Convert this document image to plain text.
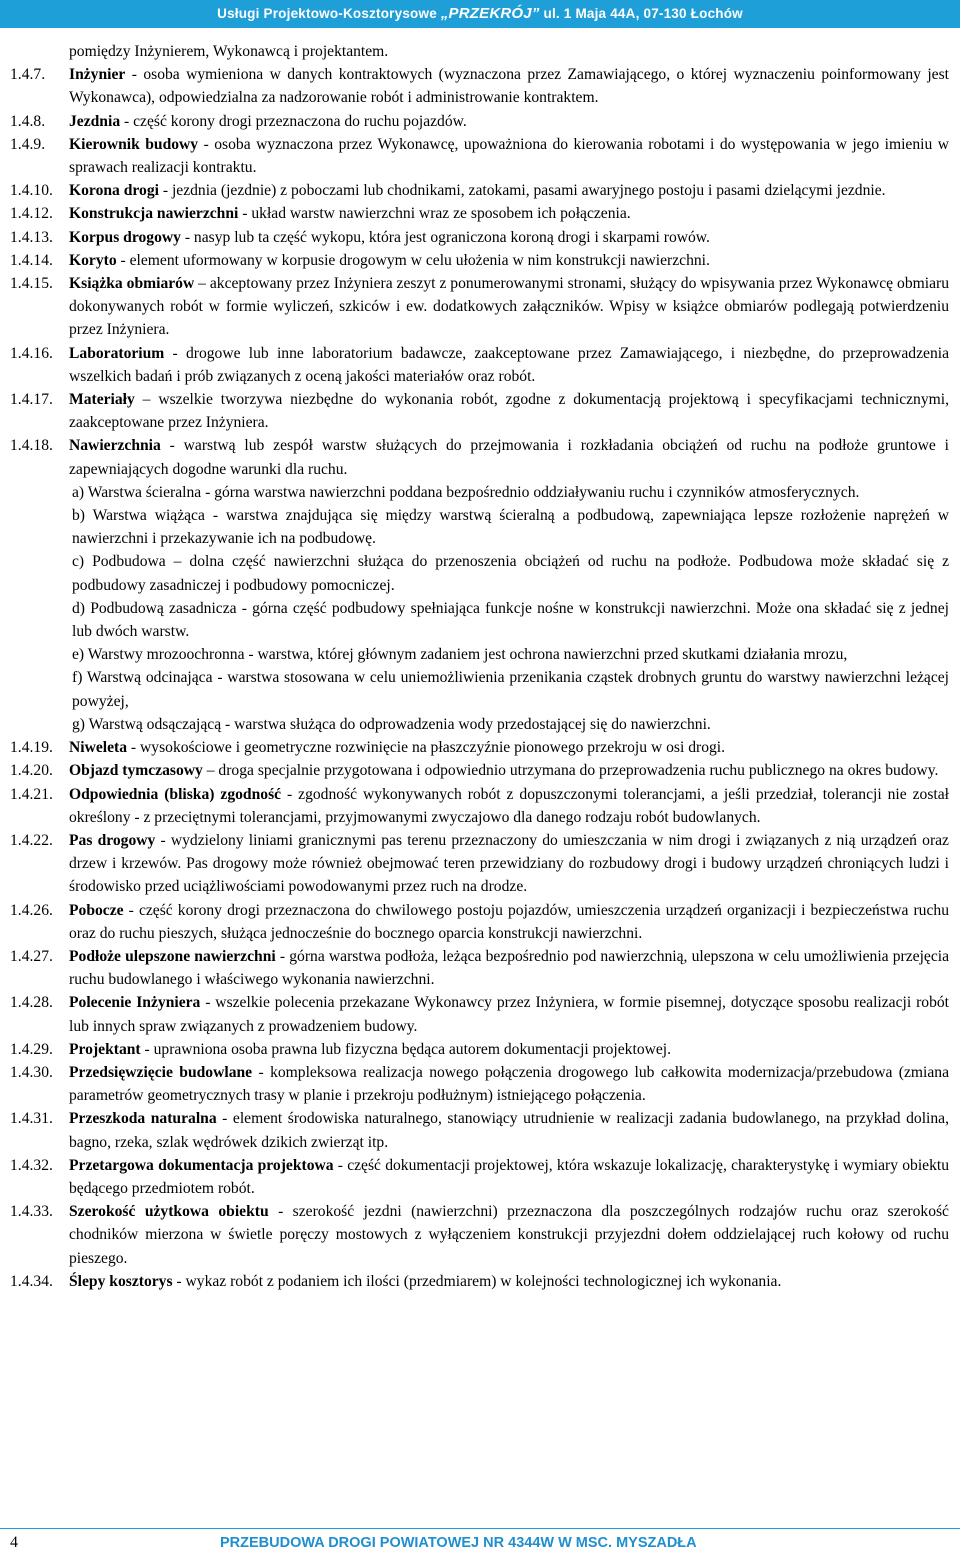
Usługi Projektowo-Kosztorysowe „PRZEKRÓJ” ul. 1 Maja 44A, 07-130 Łochów

pomiędzy Inżynierem, Wykonawcą i projektantem.

1.4.7.	Inżynier - osoba wymieniona w danych kontraktowych (wyznaczona przez Zamawiającego, o której wyznaczeniu poinformowany jest Wykonawca), odpowiedzialna za nadzorowanie robót i administrowanie kontraktem.
1.4.8.	Jezdnia - część korony drogi przeznaczona do ruchu pojazdów.
1.4.9.	Kierownik budowy - osoba wyznaczona przez Wykonawcę, upoważniona do kierowania robotami i do występowania w jego imieniu w sprawach realizacji kontraktu.
1.4.10.	Korona drogi - jezdnia (jezdnie) z poboczami lub chodnikami, zatokami, pasami awaryjnego postoju i pasami dzielącymi jezdnie.
1.4.12.	Konstrukcja nawierzchni - układ warstw nawierzchni wraz ze sposobem ich połączenia.
1.4.13.	Korpus drogowy - nasyp lub ta część wykopu, która jest ograniczona koroną drogi i skarpami rowów.
1.4.14.	Koryto - element uformowany w korpusie drogowym w celu ułożenia w nim konstrukcji nawierzchni.
1.4.15.	Książka obmiarów – akceptowany przez Inżyniera zeszyt z ponumerowanymi stronami, służący do wpisywania przez Wykonawcę obmiaru dokonywanych robót w formie wyliczeń, szkiców i ew. dodatkowych załączników. Wpisy w książce obmiarów podlegają potwierdzeniu przez Inżyniera.
1.4.16.	Laboratorium - drogowe lub inne laboratorium badawcze, zaakceptowane przez Zamawiającego, i niezbędne, do przeprowadzenia wszelkich badań i prób związanych z oceną jakości materiałów oraz robót.
1.4.17.	Materiały – wszelkie tworzywa niezbędne do wykonania robót, zgodne z dokumentacją projektową i specyfikacjami technicznymi, zaakceptowane przez Inżyniera.
1.4.18.	Nawierzchnia - warstwą lub zespół warstw służących do przejmowania i rozkładania obciążeń od ruchu na podłoże gruntowe i zapewniających dogodne warunki dla ruchu.

a) Warstwa ścieralna - górna warstwa nawierzchni poddana bezpośrednio oddziaływaniu ruchu i czynników atmosferycznych.

b) Warstwa wiążąca - warstwa znajdująca się między warstwą ścieralną a podbudową, zapewniająca lepsze rozłożenie naprężeń w nawierzchni i przekazywanie ich na podbudowę.

c) Podbudowa – dolna część nawierzchni służąca do przenoszenia obciążeń od ruchu na podłoże. Podbudowa może składać się z podbudowy zasadniczej i podbudowy pomocniczej.

d) Podbudową zasadnicza - górna część podbudowy spełniająca funkcje nośne w konstrukcji nawierzchni. Może ona składać się z jednej lub dwóch warstw.

e) Warstwy mrozoochronna - warstwa, której głównym zadaniem jest ochrona nawierzchni przed skutkami działania mrozu,

f) Warstwą odcinająca - warstwa stosowana w celu uniemożliwienia przenikania cząstek drobnych gruntu do warstwy nawierzchni leżącej powyżej,

g) Warstwą odsączającą - warstwa służąca do odprowadzenia wody przedostającej się do nawierzchni.

1.4.19.	Niweleta - wysokościowe i geometryczne rozwinięcie na płaszczyźnie pionowego przekroju w osi drogi.
1.4.20.	Objazd tymczasowy – droga specjalnie przygotowana i odpowiednio utrzymana do przeprowadzenia ruchu publicznego na okres budowy.
1.4.21.	Odpowiednia (bliska) zgodność - zgodność wykonywanych robót z dopuszczonymi tolerancjami, a jeśli przedział, tolerancji nie został określony - z przeciętnymi tolerancjami, przyjmowanymi zwyczajowo dla danego rodzaju robót budowlanych.
1.4.22.	Pas drogowy - wydzielony liniami granicznymi pas terenu przeznaczony do umieszczania w nim drogi i związanych z nią urządzeń oraz drzew i krzewów. Pas drogowy może również obejmować teren przewidziany do rozbudowy drogi i budowy urządzeń chroniących ludzi i środowisko przed uciążliwościami powodowanymi przez ruch na drodze.
1.4.26.	Pobocze - część korony drogi przeznaczona do chwilowego postoju pojazdów, umieszczenia urządzeń organizacji i bezpieczeństwa ruchu oraz do ruchu pieszych, służąca jednocześnie do bocznego oparcia konstrukcji nawierzchni.
1.4.27.	Podłoże ulepszone nawierzchni - górna warstwa podłoża, leżąca bezpośrednio pod nawierzchnią, ulepszona w celu umożliwienia przejęcia ruchu budowlanego i właściwego wykonania nawierzchni.
1.4.28.	Polecenie Inżyniera - wszelkie polecenia przekazane Wykonawcy przez Inżyniera, w formie pisemnej, dotyczące sposobu realizacji robót lub innych spraw związanych z prowadzeniem budowy.
1.4.29.	Projektant - uprawniona osoba prawna lub fizyczna będąca autorem dokumentacji projektowej.
1.4.30.	Przedsięwzięcie budowlane - kompleksowa realizacja nowego połączenia drogowego lub całkowita modernizacja/przebudowa (zmiana parametrów geometrycznych trasy w planie i przekroju podłużnym) istniejącego połączenia.
1.4.31.	Przeszkoda naturalna - element środowiska naturalnego, stanowiący utrudnienie w realizacji zadania budowlanego, na przykład dolina, bagno, rzeka, szlak wędrówek dzikich zwierząt itp.
1.4.32.	Przetargowa dokumentacja projektowa - część dokumentacji projektowej, która wskazuje lokalizację, charakterystykę i wymiary obiektu będącego przedmiotem robót.
1.4.33.	Szerokość użytkowa obiektu - szerokość jezdni (nawierzchni) przeznaczona dla poszczególnych rodzajów ruchu oraz szerokość chodników mierzona w świetle poręczy mostowych z wyłączeniem konstrukcji przyjezdni dołem oddzielającej ruch kołowy od ruchu pieszego.
1.4.34.	Ślepy kosztorys - wykaz robót z podaniem ich ilości (przedmiarem) w kolejności technologicznej ich wykonania.
4	PRZEBUDOWA DROGI POWIATOWEJ NR 4344W W MSC. MYSZADŁA
